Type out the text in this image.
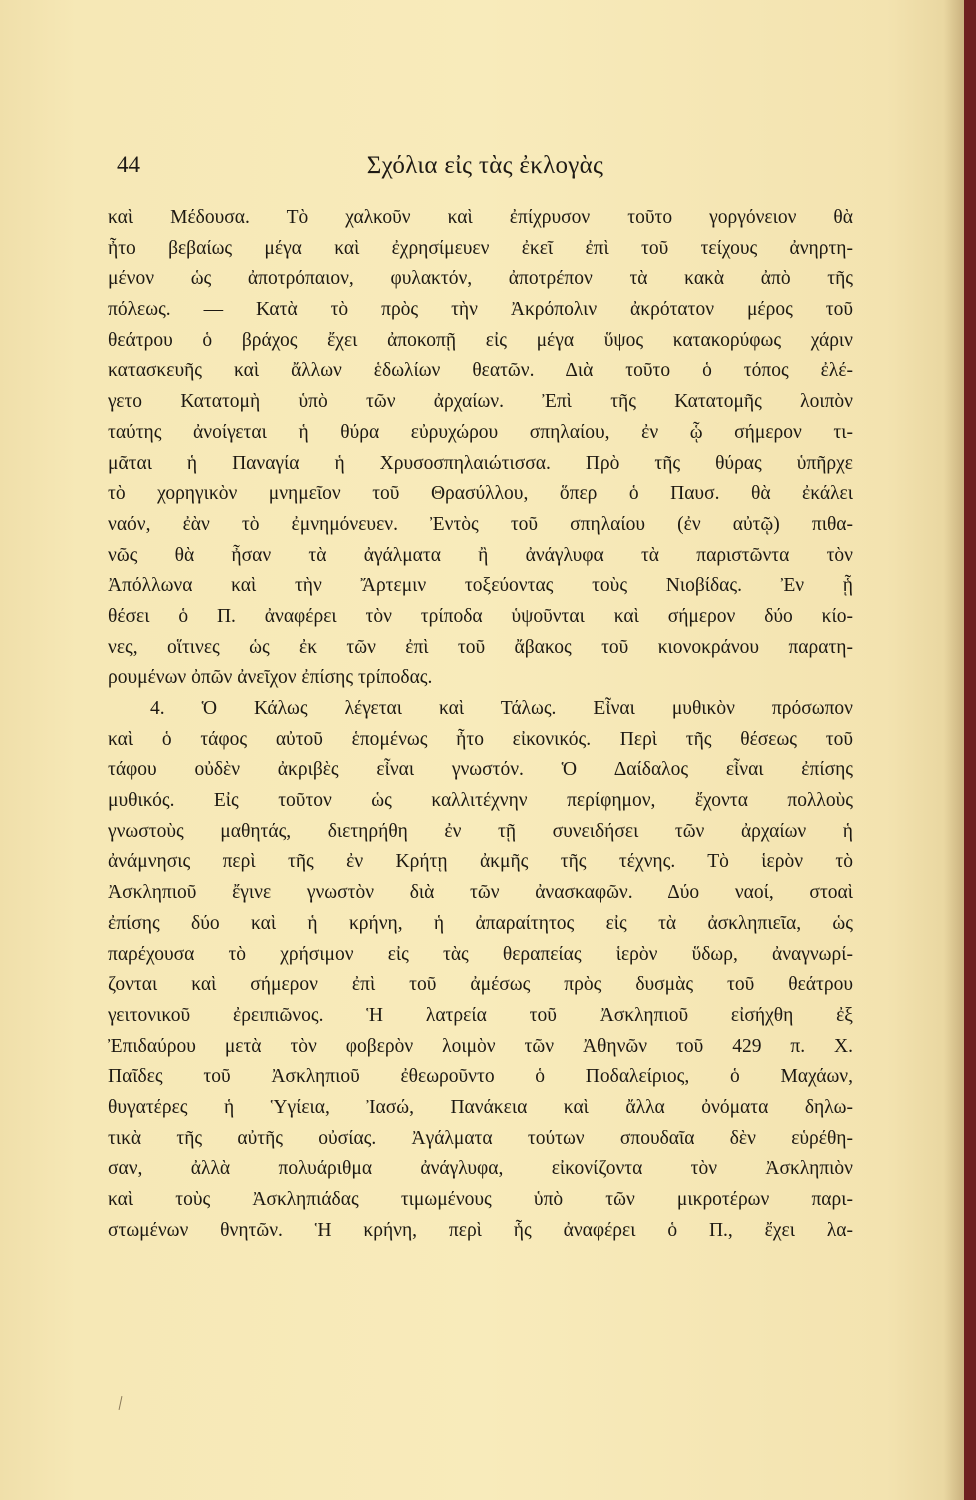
44	Σχόλια εἰς τὰς ἐκλογὰς
καὶ Μέδουσα. Τὸ χαλκοῦν καὶ ἐπίχρυσον τοῦτο γοργόνειον θὰ
ἦτο βεβαίως μέγα καὶ ἐχρησίμευεν ἐκεῖ ἐπὶ τοῦ τείχους ἀνηρτη-
μένον ὡς ἀποτρόπαιον, φυλακτόν, ἀποτρέπον τὰ κακὰ ἀπὸ τῆς
πόλεως. — Κατὰ τὸ πρὸς τὴν Ἀκρόπολιν ἀκρότατον μέρος τοῦ
θεάτρου ὁ βράχος ἔχει ἀποκοπῇ εἰς μέγα ὕψος κατακορύφως χάριν
κατασκευῆς καὶ ἄλλων ἑδωλίων θεατῶν. Διὰ τοῦτο ὁ τόπος ἐλέ-
γετο Κατατομὴ ὑπὸ τῶν ἀρχαίων. Ἐπὶ τῆς Κατατομῆς λοιπὸν
ταύτης ἀνοίγεται ἡ θύρα εὐρυχώρου σπηλαίου, ἐν ᾧ σήμερον τι-
μᾶται ἡ Παναγία ἡ Χρυσοσπηλαιώτισσα. Πρὸ τῆς θύρας ὑπῆρχε
τὸ χορηγικὸν μνημεῖον τοῦ Θρασύλλου, ὅπερ ὁ Παυσ. θὰ ἐκάλει
ναόν, ἐὰν τὸ ἐμνημόνευεν. Ἐντὸς τοῦ σπηλαίου (ἐν αὐτῷ) πιθα-
νῶς θὰ ἦσαν τὰ ἀγάλματα ἢ ἀνάγλυφα τὰ παριστῶντα τὸν
Ἀπόλλωνα καὶ τὴν Ἄρτεμιν τοξεύοντας τοὺς Νιοβίδας. Ἐν ᾗ
θέσει ὁ Π. ἀναφέρει τὸν τρίποδα ὑψοῦνται καὶ σήμερον δύο κίο-
νες, οἵτινες ὡς ἐκ τῶν ἐπὶ τοῦ ἄβακος τοῦ κιονοκράνου παρατη-
ρουμένων ὀπῶν ἀνεῖχον ἐπίσης τρίποδας.
4. Ὁ Κάλως λέγεται καὶ Τάλως. Εἶναι μυθικὸν πρόσωπον
καὶ ὁ τάφος αὐτοῦ ἑπομένως ἦτο εἰκονικός. Περὶ τῆς θέσεως τοῦ
τάφου οὐδὲν ἀκριβὲς εἶναι γνωστόν. Ὁ Δαίδαλος εἶναι ἐπίσης
μυθικός. Εἰς τοῦτον ὡς καλλιτέχνην περίφημον, ἔχοντα πολλοὺς
γνωστοὺς μαθητάς, διετηρήθη ἐν τῇ συνειδήσει τῶν ἀρχαίων ἡ
ἀνάμνησις περὶ τῆς ἐν Κρήτῃ ἀκμῆς τῆς τέχνης. Τὸ ἱερὸν τὸ
Ἀσκληπιοῦ ἔγινε γνωστὸν διὰ τῶν ἀνασκαφῶν. Δύο ναοί, στοαὶ
ἐπίσης δύο καὶ ἡ κρήνη, ἡ ἀπαραίτητος εἰς τὰ ἀσκληπιεῖα, ὡς
παρέχουσα τὸ χρήσιμον εἰς τὰς θεραπείας ἱερὸν ὕδωρ, ἀναγνωρί-
ζονται καὶ σήμερον ἐπὶ τοῦ ἀμέσως πρὸς δυσμὰς τοῦ θεάτρου
γειτονικοῦ ἐρειπιῶνος. Ἡ λατρεία τοῦ Ἀσκληπιοῦ εἰσήχθη ἐξ
Ἐπιδαύρου μετὰ τὸν φοβερὸν λοιμὸν τῶν Ἀθηνῶν τοῦ 429 π. Χ.
Παῖδες τοῦ Ἀσκληπιοῦ ἐθεωροῦντο ὁ Ποδαλείριος, ὁ Μαχάων,
θυγατέρες ἡ Ὑγίεια, Ἰασώ, Πανάκεια καὶ ἄλλα ὀνόματα δηλω-
τικὰ τῆς αὐτῆς οὐσίας. Ἀγάλματα τούτων σπουδαῖα δὲν εὑρέθη-
σαν, ἀλλὰ πολυάριθμα ἀνάγλυφα, εἰκονίζοντα τὸν Ἀσκληπιὸν
καὶ τοὺς Ἀσκληπιάδας τιμωμένους ὑπὸ τῶν μικροτέρων παρι-
στωμένων θνητῶν. Ἡ κρήνη, περὶ ἧς ἀναφέρει ὁ Π., ἔχει λα-
